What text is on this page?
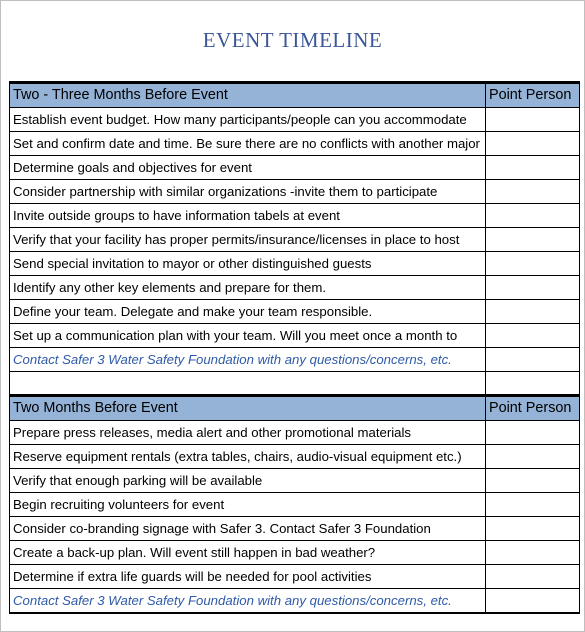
EVENT TIMELINE
Two - Three Months Before Event	Point Person
Establish event budget. How many participants/people can you accommodate	
Set and confirm date and time. Be sure there are no conflicts with another major	
Determine goals and objectives for event	
Consider partnership with similar organizations -invite them to participate	
Invite outside groups to have information tabels at event	
Verify that your facility has proper permits/insurance/licenses in place to host	
Send special invitation to mayor or other distinguished guests	
Identify any other key elements and prepare for them.	
Define your team. Delegate and make your team responsible.	
Set up a communication plan with your team. Will you meet once a month to	
Contact Safer 3 Water Safety Foundation with any questions/concerns, etc.	

Two Months Before Event	Point Person
Prepare press releases, media alert and other promotional materials	
Reserve equipment rentals (extra tables, chairs, audio-visual equipment etc.)	
Verify that enough parking will be available	
Begin recruiting volunteers for event	
Consider co-branding signage with Safer 3. Contact Safer 3 Foundation	
Create a back-up plan. Will event still happen in bad weather?	
Determine if extra life guards will be needed for pool activities	
Contact Safer 3 Water Safety Foundation with any questions/concerns, etc.	
